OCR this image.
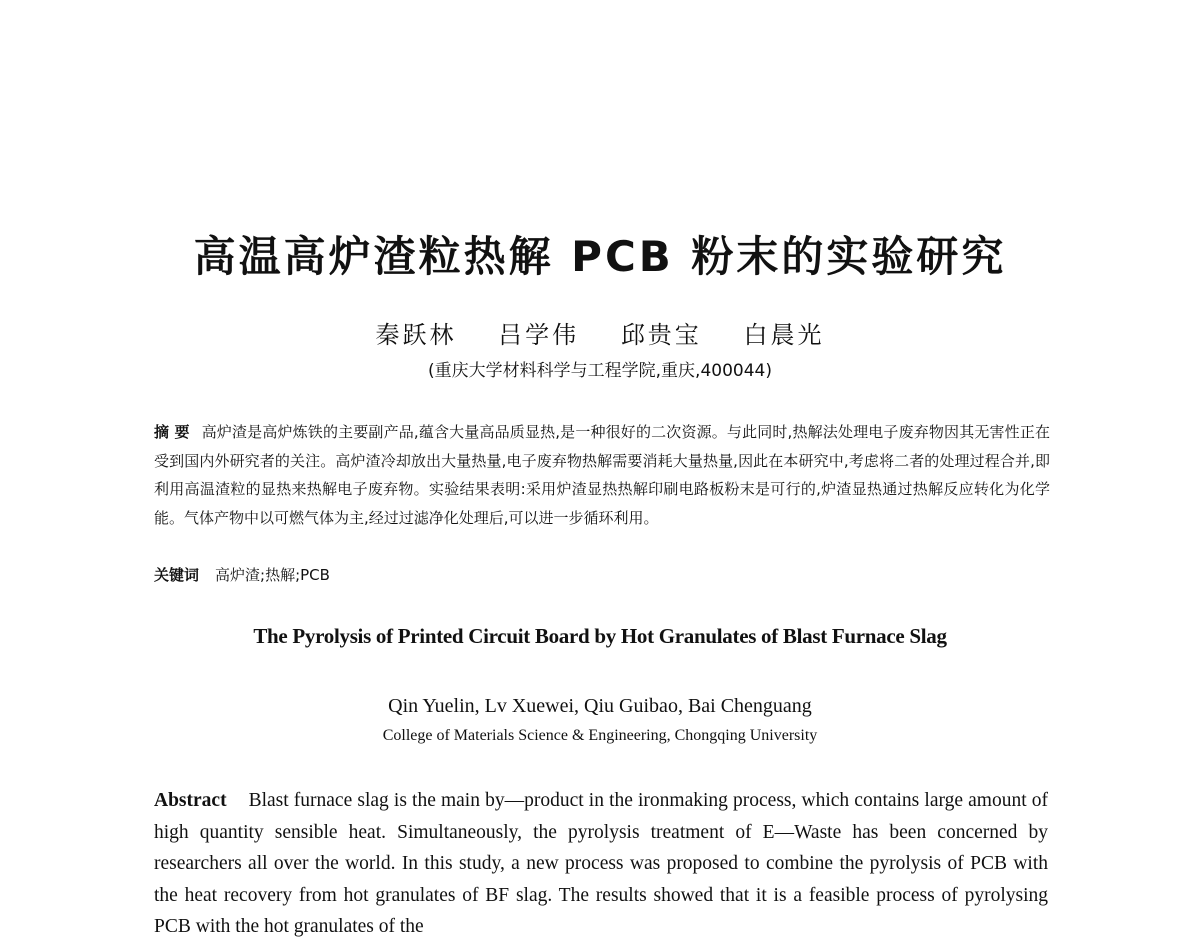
高温高炉渣粒热解 PCB 粉末的实验研究

秦跃林 吕学伟 邱贵宝 白晨光

(重庆大学材料科学与工程学院,重庆,400044)

摘 要 高炉渣是高炉炼铁的主要副产品,蕴含大量高品质显热,是一种很好的二次资源。与此同时,热解法处理电子废弃物因其无害性正在受到国内外研究者的关注。高炉渣冷却放出大量热量,电子废弃物热解需要消耗大量热量,因此在本研究中,考虑将二者的处理过程合并,即利用高温渣粒的显热来热解电子废弃物。实验结果表明:采用炉渣显热热解印刷电路板粉末是可行的,炉渣显热通过热解反应转化为化学能。气体产物中以可燃气体为主,经过过滤净化处理后,可以进一步循环利用。

关键词 高炉渣;热解;PCB

The Pyrolysis of Printed Circuit Board by Hot Granulates of Blast Furnace Slag

Qin Yuelin, Lv Xuewei, Qiu Guibao, Bai Chenguang

College of Materials Science & Engineering, Chongqing University

Abstract Blast furnace slag is the main by—product in the ironmaking process, which contains large amount of high quantity sensible heat. Simultaneously, the pyrolysis treatment of E—Waste has been concerned by researchers all over the world. In this study, a new process was proposed to combine the pyrolysis of PCB with the heat recovery from hot granulates of BF slag. The results showed that it is a feasible process of pyrolysing PCB with the hot granulates of the
